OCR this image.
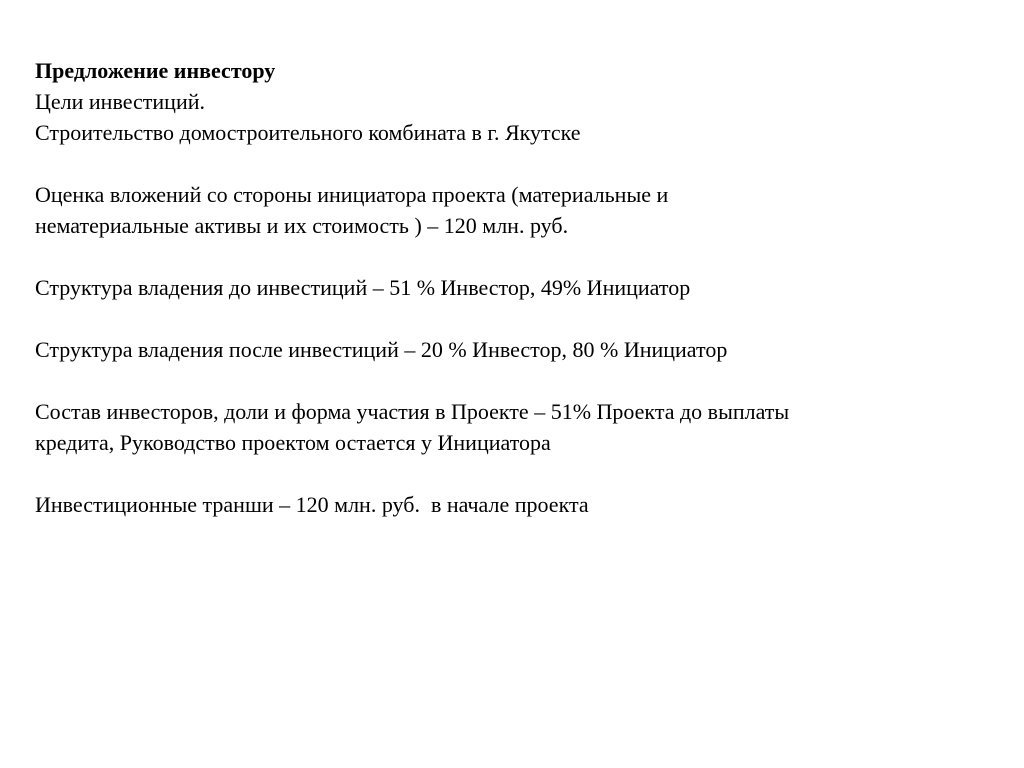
Предложение инвестору

Цели инвестиций.

Строительство домостроительного комбината в г. Якутске

Оценка вложений со стороны инициатора проекта (материальные и

нематериальные активы и их стоимость ) – 120 млн. руб.

Структура владения до инвестиций – 51 % Инвестор, 49% Инициатор

Структура владения после инвестиций – 20 % Инвестор, 80 % Инициатор

Состав инвесторов, доли и форма участия в Проекте – 51% Проекта до выплаты

кредита, Руководство проектом остается у Инициатора

Инвестиционные транши – 120 млн. руб.  в начале проекта
